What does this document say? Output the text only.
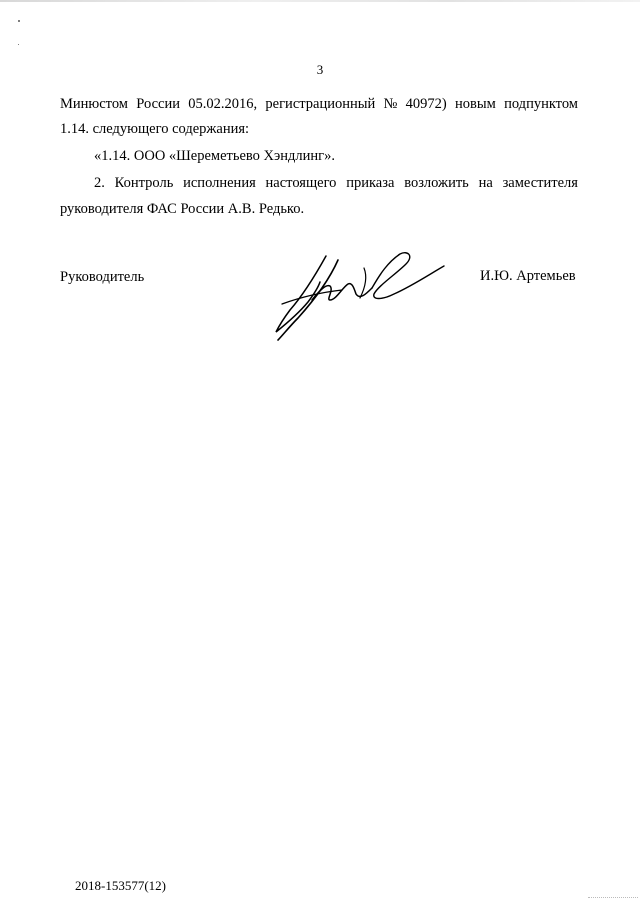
3
Минюстом России 05.02.2016, регистрационный № 40972) новым подпунктом
1.14. следующего содержания:
«1.14. ООО «Шереметьево Хэндлинг».
2. Контроль исполнения настоящего приказа возложить на заместителя
руководителя ФАС России А.В. Редько.
Руководитель	И.Ю. Артемьев
2018-153577(12)
